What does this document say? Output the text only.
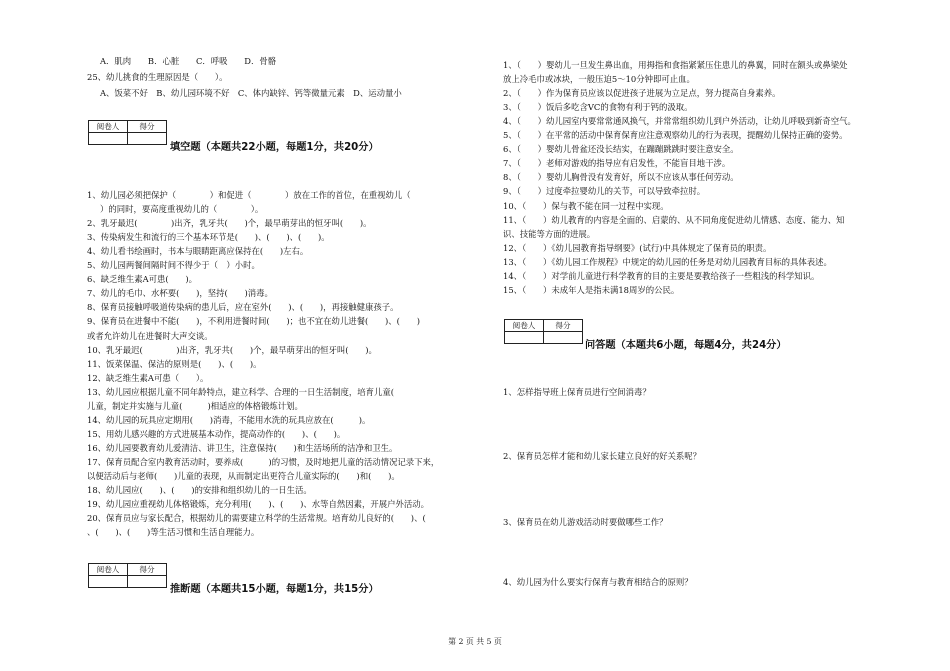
A．肌肉　　B．心脏　　C．呼吸　　D．骨骼
25、幼儿挑食的生理原因是（　　）。
A、饭菜不好　B、幼儿园环境不好　C、体内缺锌、钙等微量元素　D、运动量小
阅卷人	得分

填空题（本题共22小题，每题1分，共20分）
1、幼儿园必须把保护（　　　　）和促进（　　　　）放在工作的首位，在重视幼儿（
）的同时，要高度重视幼儿的（　　　　）。
2、乳牙最迟(　　　　)出齐，乳牙共(　　)个，最早萌芽出的恒牙叫(　　)。
3、传染病发生和流行的三个基本环节是(　　)、(　　)、(　　)。
4、幼儿看书绘画时，书本与眼睛距离应保持在(　　)左右。
5、幼儿园两餐间隔时间不得少于（　）小时。
6、缺乏维生素A可患(　　)。
7、幼儿的毛巾、水杯要(　　)，坚持(　　)消毒。
8、保育员接触呼吸道传染病的患儿后，应在室外(　　)、(　　)，再接触健康孩子。
9、保育员在进餐中不能(　　)，不利用进餐时间(　　)；也不宜在幼儿进餐(　　)、(　　)
或者允许幼儿在进餐时大声交谈。
10、乳牙最迟(　　　　)出齐，乳牙共(　　)个，最早萌芽出的恒牙叫(　　)。
11、饭菜保温、保洁的原则是(　　)、(　　)。
12、缺乏维生素A可患（　　）。
13、幼儿园应根据儿童不同年龄特点，建立科学、合理的一日生活制度，培育儿童(
儿童，制定并实施与儿童(　　　)相适应的体格锻炼计划。
14、幼儿园的玩具应定期用(　　)消毒，不能用水洗的玩具应放在(　　　)。
15、用幼儿感兴趣的方式进展基本动作，提高动作的(　　)、(　　)。
16、幼儿园要教育幼儿爱清洁、讲卫生，注意保持(　　)和生活场所的洁净和卫生。
17、保育员配合室内教育活动时，要养成(　　　)的习惯，及时地把儿童的活动情况记录下来，
以便活动后与老师(　　)儿童的表现，从而制定出更符合儿童实际的(　　)和(　　)。
18、幼儿园应(　　)、(　　)的安排和组织幼儿的一日生活。
19、幼儿园应重视幼儿体格锻炼，充分利用(　　)、(　　)、水等自然因素，开展户外活动。
20、保育员应与家长配合，根据幼儿的需要建立科学的生活常规。培育幼儿良好的(　　)、(
、(　　)、(　　)等生活习惯和生活自理能力。
阅卷人	得分

推断题（本题共15小题，每题1分，共15分）
1、（　　）婴幼儿一旦发生鼻出血，用拇指和食指紧紧压住患儿的鼻翼，同时在额头或鼻梁处
放上冷毛巾或冰块，一般压迫5～10分钟即可止血。
2、（　　）作为保育员应该以促进孩子进展为立足点，努力提高自身素养。
3、（　　）饭后多吃含VC的食物有利于钙的汲取。
4、（　　）幼儿园室内要常常通风换气，并常常组织幼儿到户外活动，让幼儿呼吸到新奇空气。
5、（　　）在平常的活动中保育保育应注意观察幼儿的行为表现，提醒幼儿保持正确的姿势。
6、（　　）婴幼儿骨盆还没长结实，在蹦蹦跳跳时要注意安全。
7、（　　）老师对游戏的指导应有启发性，不能盲目地干涉。
8、（　　）婴幼儿胸骨没有发育好，所以不应该从事任何劳动。
9、（　　）过度牵拉婴幼儿的关节，可以导致牵拉肘。
10、（　　）保与教不能在同一过程中实现。
11、（　　）幼儿教育的内容是全面的、启蒙的、从不同角度促进幼儿情感、态度、能力、知
识、技能等方面的进展。
12、（　　）《幼儿园教育指导纲要》(试行)中具体规定了保育员的职责。
13、（　　）《幼儿园工作规程》中规定的幼儿园的任务是对幼儿园教育目标的具体表述。
14、（　　）对学前儿童进行科学教育的目的主要是要教给孩子一些粗浅的科学知识。
15、（　　）未成年人是指未满18周岁的公民。
阅卷人	得分

问答题（本题共6小题，每题4分，共24分）
1、怎样指导班上保育员进行空间消毒？
2、保育员怎样才能和幼儿家长建立良好的好关系呢？
3、保育员在幼儿游戏活动时要做哪些工作？
4、幼儿园为什么要实行保育与教育相结合的原则？
第 2 页 共 5 页
